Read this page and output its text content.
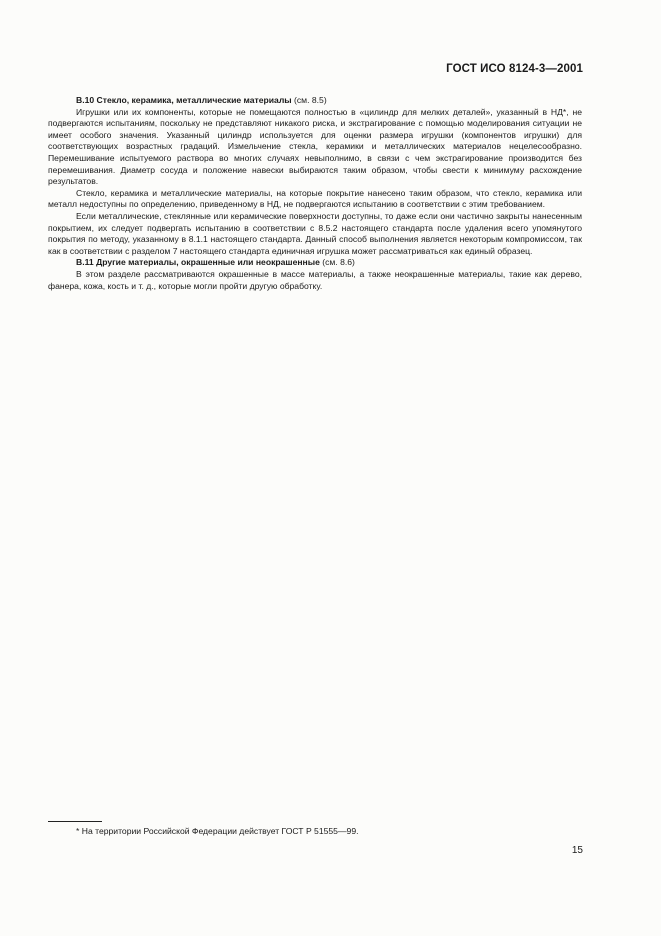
ГОСТ ИСО 8124-3—2001

В.10 Стекло, керамика, металлические материалы (см. 8.5)

Игрушки или их компоненты, которые не помещаются полностью в «цилиндр для мелких деталей», указанный в НД*, не подвергаются испытаниям, поскольку не представляют никакого риска, и экстрагирование с помощью моделирования ситуации не имеет особого значения. Указанный цилиндр используется для оценки размера игрушки (компонентов игрушки) для соответствующих возрастных градаций. Измельчение стекла, керамики и металлических материалов нецелесообразно. Перемешивание испытуемого раствора во многих случаях невыполнимо, в связи с чем экстрагирование производится без перемешивания. Диаметр сосуда и положение навески выбираются таким образом, чтобы свести к минимуму расхождение результатов.

Стекло, керамика и металлические материалы, на которые покрытие нанесено таким образом, что стекло, керамика или металл недоступны по определению, приведенному в НД, не подвергаются испытанию в соответствии с этим требованием.

Если металлические, стеклянные или керамические поверхности доступны, то даже если они частично закрыты нанесенным покрытием, их следует подвергать испытанию в соответствии с 8.5.2 настоящего стандарта после удаления всего упомянутого покрытия по методу, указанному в 8.1.1 настоящего стандарта. Данный способ выполнения является некоторым компромиссом, так как в соответствии с разделом 7 настоящего стандарта единичная игрушка может рассматриваться как единый образец.

В.11 Другие материалы, окрашенные или неокрашенные (см. 8.6)

В этом разделе рассматриваются окрашенные в массе материалы, а также неокрашенные материалы, такие как дерево, фанера, кожа, кость и т. д., которые могли пройти другую обработку.

* На территории Российской Федерации действует ГОСТ Р 51555—99.
15
